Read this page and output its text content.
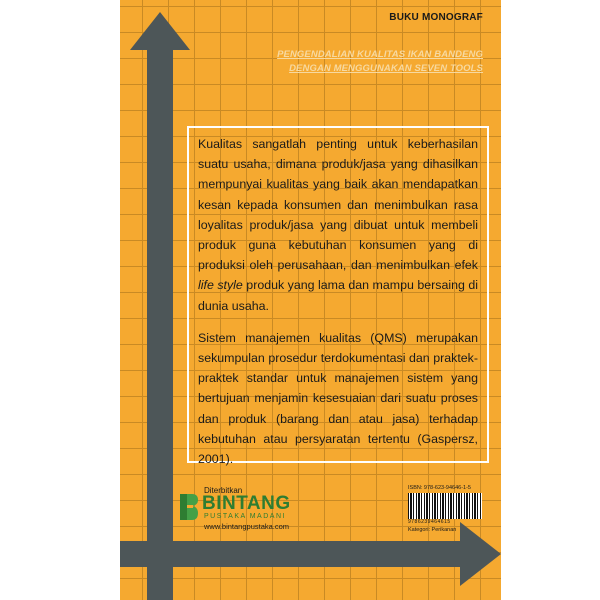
BUKU MONOGRAF
PENGENDALIAN KUALITAS IKAN BANDENG DENGAN MENGGUNAKAN SEVEN TOOLS

Kualitas sangatlah penting untuk keberhasilan suatu usaha, dimana produk/jasa yang dihasilkan mempunyai kualitas yang baik akan mendapatkan kesan kepada konsumen dan menimbulkan rasa loyalitas produk/jasa yang dibuat untuk membeli produk guna kebutuhan konsumen yang di produksi oleh perusahaan, dan menimbulkan efek life style produk yang lama dan mampu bersaing di dunia usaha.

Sistem manajemen kualitas (QMS) merupakan sekumpulan prosedur terdokumentasi dan praktek-praktek standar untuk manajemen sistem yang bertujuan menjamin kesesuaian dari suatu proses dan produk (barang dan atau jasa) terhadap kebutuhan atau persyaratan tertentu (Gaspersz, 2001).

Diterbitkan
BINTANG
PUSTAKA MADANI
www.bintangpustaka.com
ISBN: 978-623-94646-1-5
9786239464615
Kategori: Perikanan
